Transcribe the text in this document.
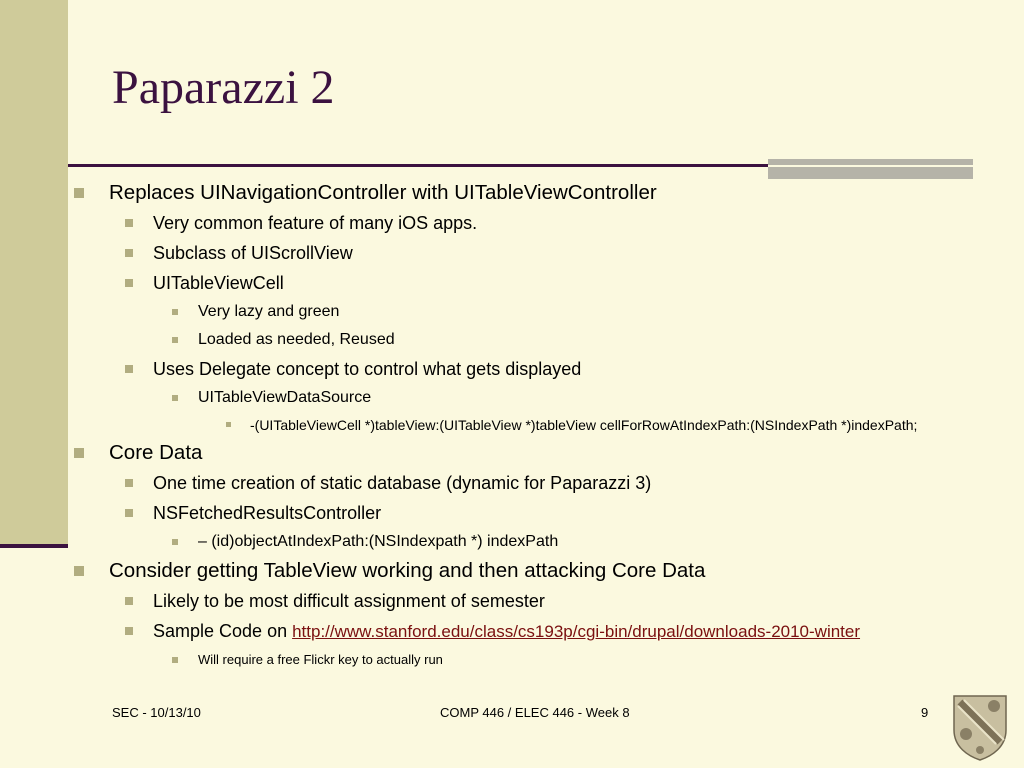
Paparazzi 2
Replaces UINavigationController with UITableViewController
Very common feature of many iOS apps.
Subclass of UIScrollView
UITableViewCell
Very lazy and green
Loaded as needed, Reused
Uses Delegate concept to control what gets displayed
UITableViewDataSource
-(UITableViewCell *)tableView:(UITableView *)tableView cellForRowAtIndexPath:(NSIndexPath *)indexPath;
Core Data
One time creation of static database (dynamic for Paparazzi 3)
NSFetchedResultsController
– (id)objectAtIndexPath:(NSIndexpath *) indexPath
Consider getting TableView working and then attacking Core Data
Likely to be most difficult assignment of semester
Sample Code on http://www.stanford.edu/class/cs193p/cgi-bin/drupal/downloads-2010-winter
Will require a free Flickr key to actually run
SEC - 10/13/10	COMP 446 / ELEC 446 - Week 8	9
